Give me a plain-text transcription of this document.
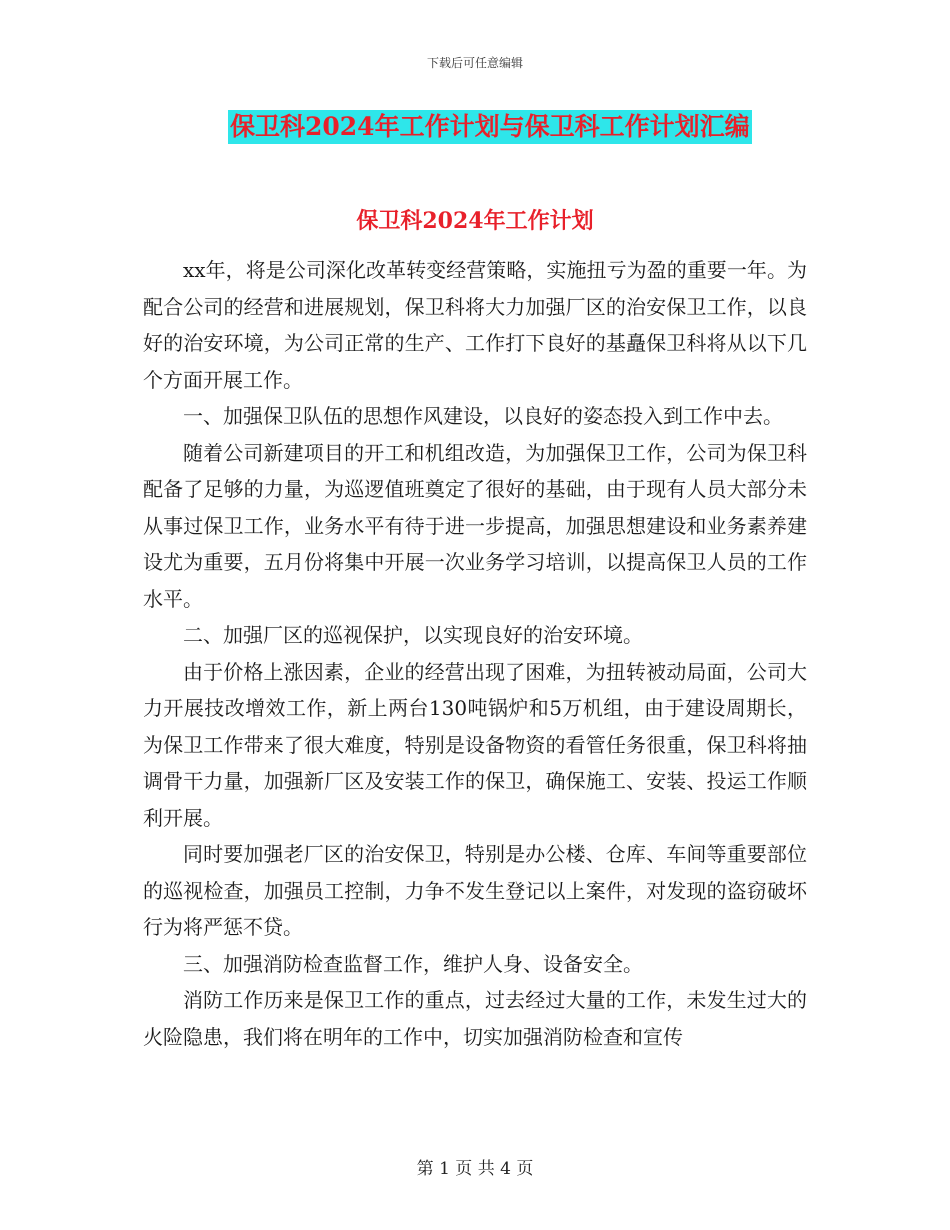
下载后可任意编辑
保卫科2024年工作计划与保卫科工作计划汇编
保卫科2024年工作计划

xx年，将是公司深化改革转变经营策略，实施扭亏为盈的重要一年。为配合公司的经营和进展规划，保卫科将大力加强厂区的治安保卫工作，以良好的治安环境，为公司正常的生产、工作打下良好的基矗保卫科将从以下几个方面开展工作。

一、加强保卫队伍的思想作风建设，以良好的姿态投入到工作中去。

随着公司新建项目的开工和机组改造，为加强保卫工作，公司为保卫科配备了足够的力量，为巡逻值班奠定了很好的基础，由于现有人员大部分未从事过保卫工作，业务水平有待于进一步提高，加强思想建设和业务素养建设尤为重要，五月份将集中开展一次业务学习培训，以提高保卫人员的工作水平。

二、加强厂区的巡视保护，以实现良好的治安环境。

由于价格上涨因素，企业的经营出现了困难，为扭转被动局面，公司大力开展技改增效工作，新上两台130吨锅炉和5万机组，由于建设周期长，为保卫工作带来了很大难度，特别是设备物资的看管任务很重，保卫科将抽调骨干力量，加强新厂区及安装工作的保卫，确保施工、安装、投运工作顺利开展。

同时要加强老厂区的治安保卫，特别是办公楼、仓库、车间等重要部位的巡视检查，加强员工控制，力争不发生登记以上案件，对发现的盗窃破坏行为将严惩不贷。

三、加强消防检查监督工作，维护人身、设备安全。

消防工作历来是保卫工作的重点，过去经过大量的工作，未发生过大的火险隐患，我们将在明年的工作中，切实加强消防检查和宣传

第 1 页 共 4 页
